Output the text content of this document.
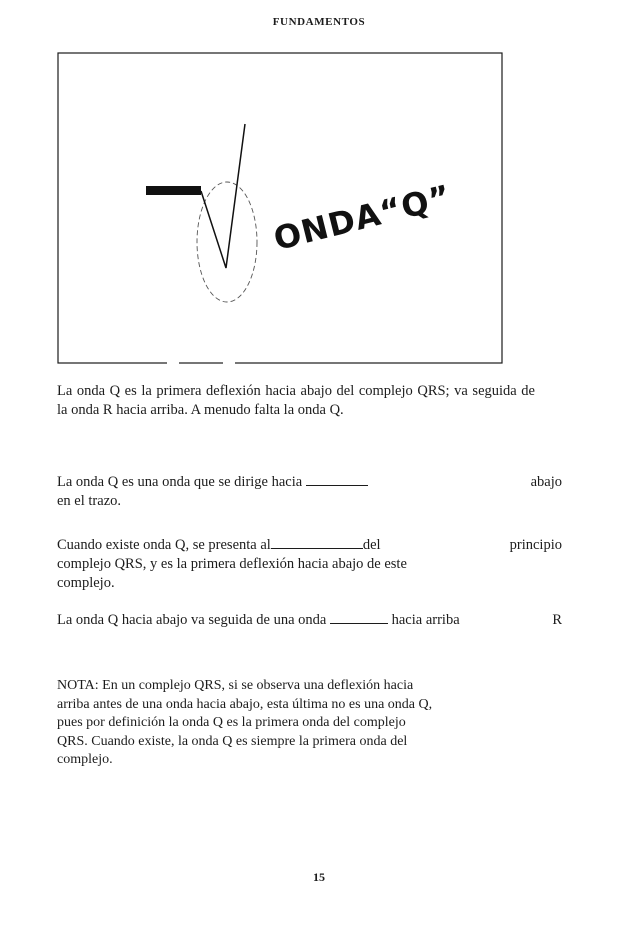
FUNDAMENTOS
ONDA“Q”
La onda Q es la primera deflexión hacia abajo del complejo QRS; va seguida de la onda R hacia arriba. A menudo falta la onda Q.
La onda Q es una onda que se dirige hacia
en el trazo.
abajo
Cuando existe onda Q, se presenta al	del complejo QRS, y es la primera deflexión hacia abajo de este complejo.
principio
La onda Q hacia abajo va seguida de una onda	hacia arriba	R
NOTA: En un complejo QRS, si se observa una deflexión hacia arriba antes de una onda hacia abajo, esta última no es una onda Q, pues por definición la onda Q es la primera onda del complejo QRS. Cuando existe, la onda Q es siempre la primera onda del complejo.
15
